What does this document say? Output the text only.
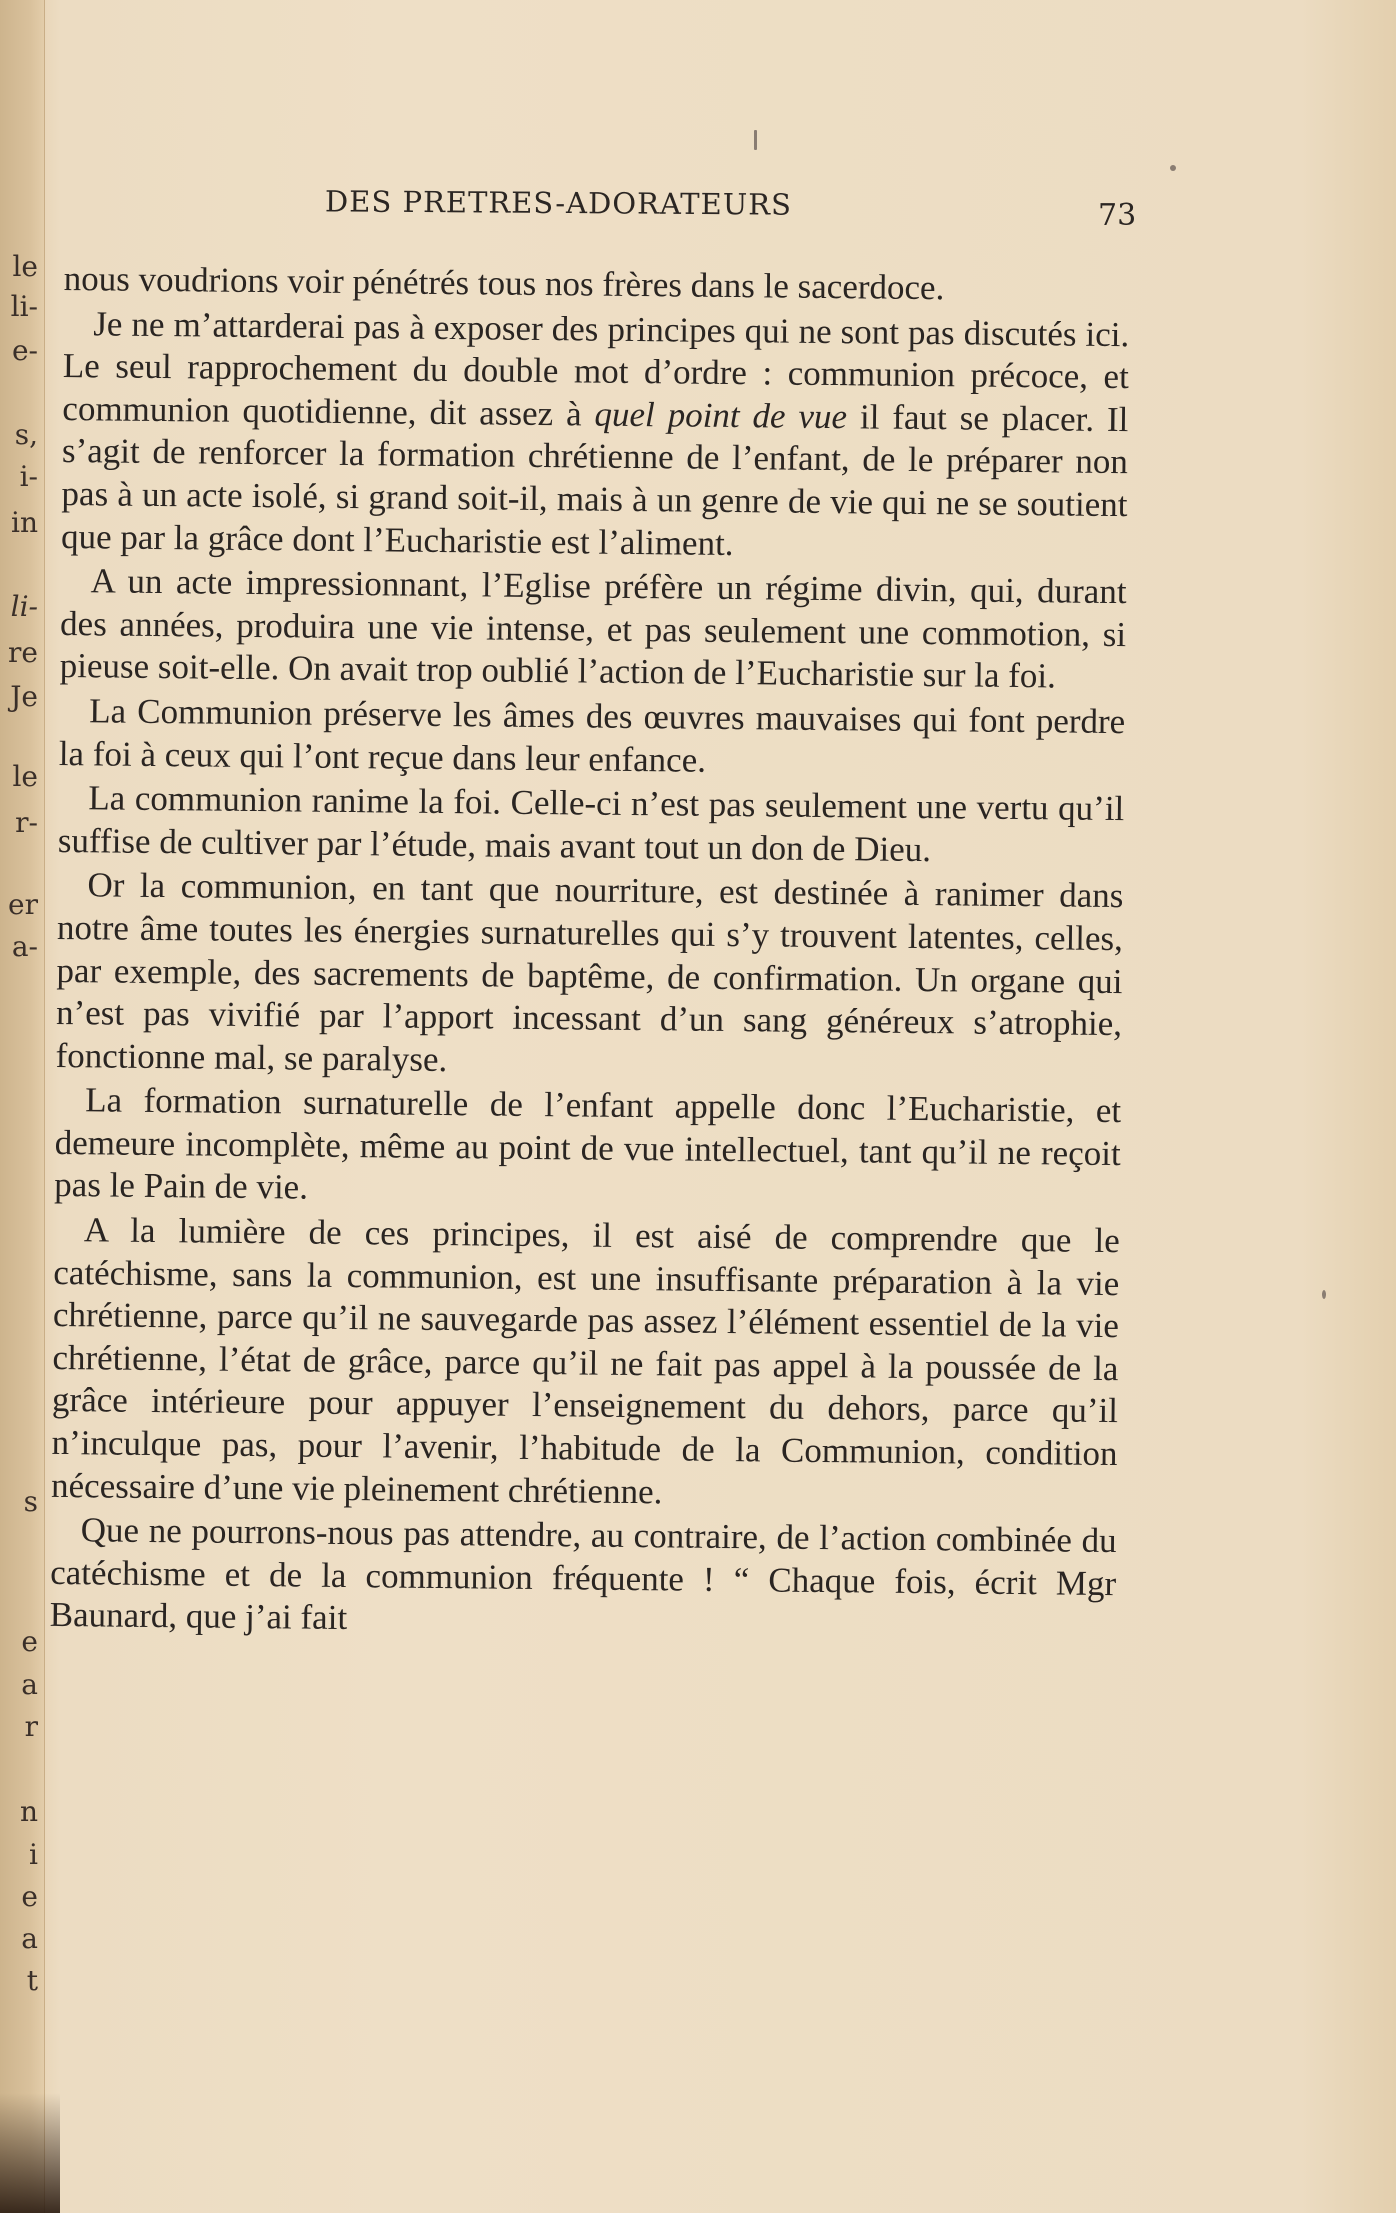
le
li-
e-
s,
i-
in
li-
re
Je
le
r-
er
a-
s
e
a
r
n
i
e
a
t
DES PRETRES-ADORATEURS	73

nous voudrions voir pénétrés tous nos frères dans le sacerdoce.

Je ne m’attarderai pas à exposer des principes qui ne sont pas discutés ici. Le seul rapprochement du double mot d’ordre : communion précoce, et communion quotidienne, dit assez à quel point de vue il faut se placer. Il s’agit de renforcer la formation chrétienne de l’enfant, de le préparer non pas à un acte isolé, si grand soit-il, mais à un genre de vie qui ne se soutient que par la grâce dont l’Eucharistie est l’aliment.

A un acte impressionnant, l’Eglise préfère un régime divin, qui, durant des années, produira une vie intense, et pas seulement une commotion, si pieuse soit-elle. On avait trop oublié l’action de l’Eucharistie sur la foi.

La Communion préserve les âmes des œuvres mauvaises qui font perdre la foi à ceux qui l’ont reçue dans leur enfance.

La communion ranime la foi. Celle-ci n’est pas seulement une vertu qu’il suffise de cultiver par l’étude, mais avant tout un don de Dieu.

Or la communion, en tant que nourriture, est destinée à ranimer dans notre âme toutes les énergies surnaturelles qui s’y trouvent latentes, celles, par exemple, des sacrements de baptême, de confirmation. Un organe qui n’est pas vivifié par l’apport incessant d’un sang généreux s’atrophie, fonctionne mal, se paralyse.

La formation surnaturelle de l’enfant appelle donc l’Eucharistie, et demeure incomplète, même au point de vue intellectuel, tant qu’il ne reçoit pas le Pain de vie.

A la lumière de ces principes, il est aisé de comprendre que le catéchisme, sans la communion, est une insuffisante préparation à la vie chrétienne, parce qu’il ne sauvegarde pas assez l’élément essentiel de la vie chrétienne, l’état de grâce, parce qu’il ne fait pas appel à la poussée de la grâce intérieure pour appuyer l’enseignement du dehors, parce qu’il n’inculque pas, pour l’avenir, l’habitude de la Communion, condition nécessaire d’une vie pleinement chrétienne.

Que ne pourrons-nous pas attendre, au contraire, de l’action combinée du catéchisme et de la communion fréquente ! “ Chaque fois, écrit Mgr Baunard, que j’ai fait
